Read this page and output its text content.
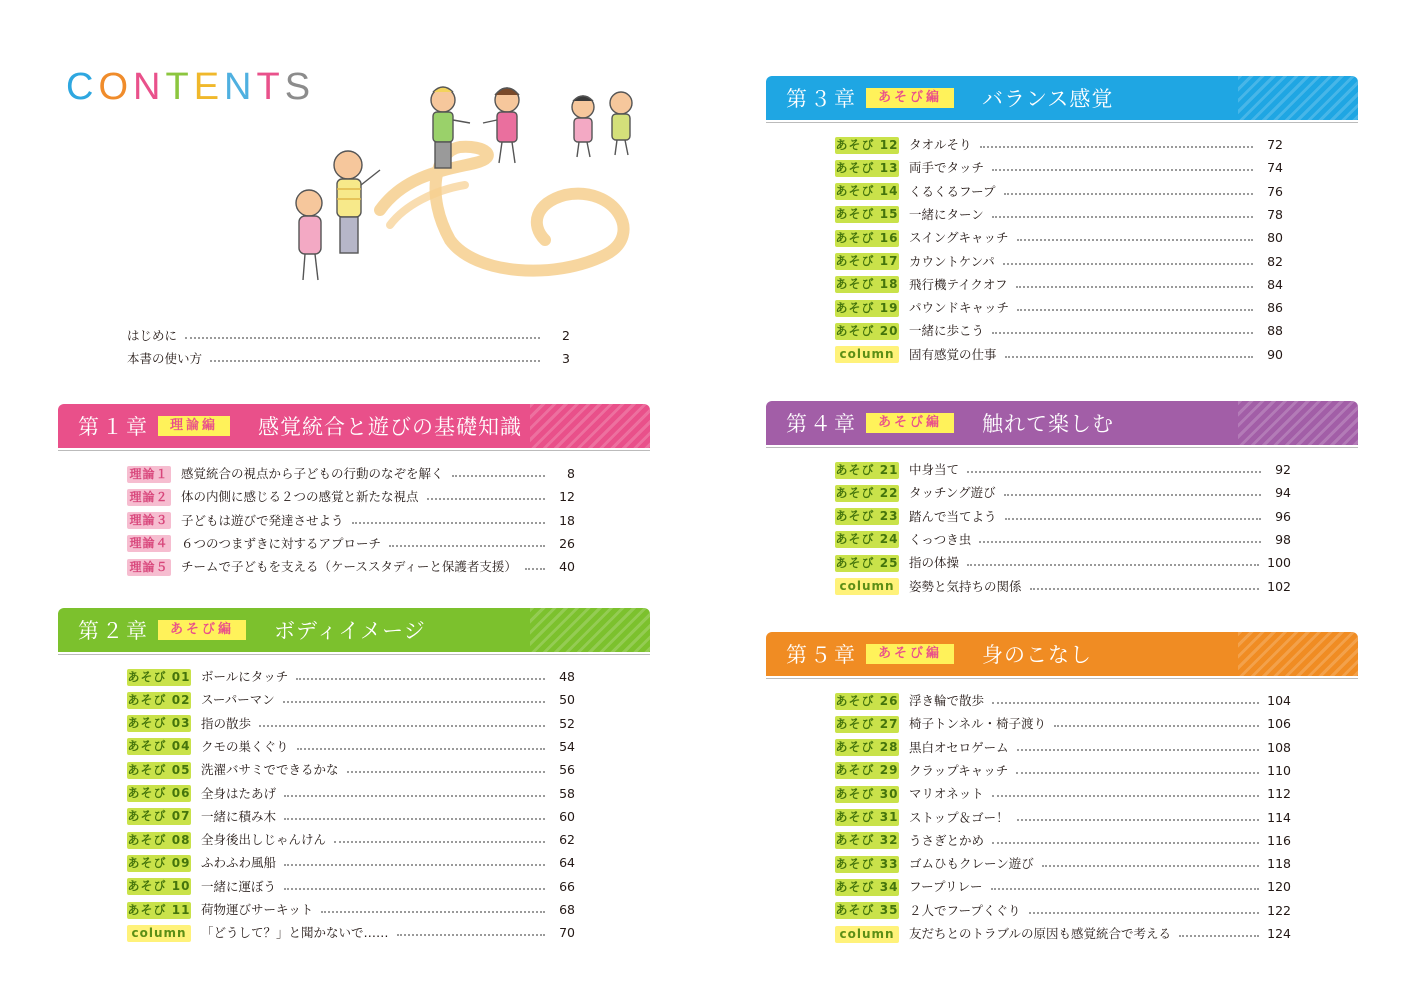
C O N T E N T S
はじめに	2
本書の使い方	3
第１章	理論編	感覚統合と遊びの基礎知識
理論１ 感覚統合の視点から子どもの行動のなぞを解く	8
理論２ 体の内側に感じる２つの感覚と新たな視点	12
理論３ 子どもは遊びで発達させよう	18
理論４ ６つのつまずきに対するアプローチ	26
理論５ チームで子どもを支える（ケーススタディーと保護者支援）	40
第２章	あそび編	ボディイメージ
あそび 01 ボールにタッチ	48
あそび 02 スーパーマン	50
あそび 03 指の散歩	52
あそび 04 クモの巣くぐり	54
あそび 05 洗濯バサミでできるかな	56
あそび 06 全身はたあげ	58
あそび 07 一緒に積み木	60
あそび 08 全身後出しじゃんけん	62
あそび 09 ふわふわ風船	64
あそび 10 一緒に運ぼう	66
あそび 11 荷物運びサーキット	68
column	「どうして？」と聞かないで……	70
第３章	あそび編	バランス感覚
あそび 12 タオルそり	72
あそび 13 両手でタッチ	74
あそび 14 くるくるフープ	76
あそび 15 一緒にターン	78
あそび 16 スイングキャッチ	80
あそび 17 カウントケンパ	82
あそび 18 飛行機テイクオフ	84
あそび 19 パウンドキャッチ	86
あそび 20 一緒に歩こう	88
column	固有感覚の仕事	90
第４章	あそび編	触れて楽しむ
あそび 21 中身当て	92
あそび 22 タッチング遊び	94
あそび 23 踏んで当てよう	96
あそび 24 くっつき虫	98
あそび 25 指の体操	100
column	姿勢と気持ちの関係	102
第５章	あそび編	身のこなし
あそび 26 浮き輪で散歩	104
あそび 27 椅子トンネル・椅子渡り	106
あそび 28 黒白オセロゲーム	108
あそび 29 クラップキャッチ	110
あそび 30 マリオネット	112
あそび 31 ストップ＆ゴー！	114
あそび 32 うさぎとかめ	116
あそび 33 ゴムひもクレーン遊び	118
あそび 34 フープリレー	120
あそび 35 ２人でフープくぐり	122
column	友だちとのトラブルの原因も感覚統合で考える	124
